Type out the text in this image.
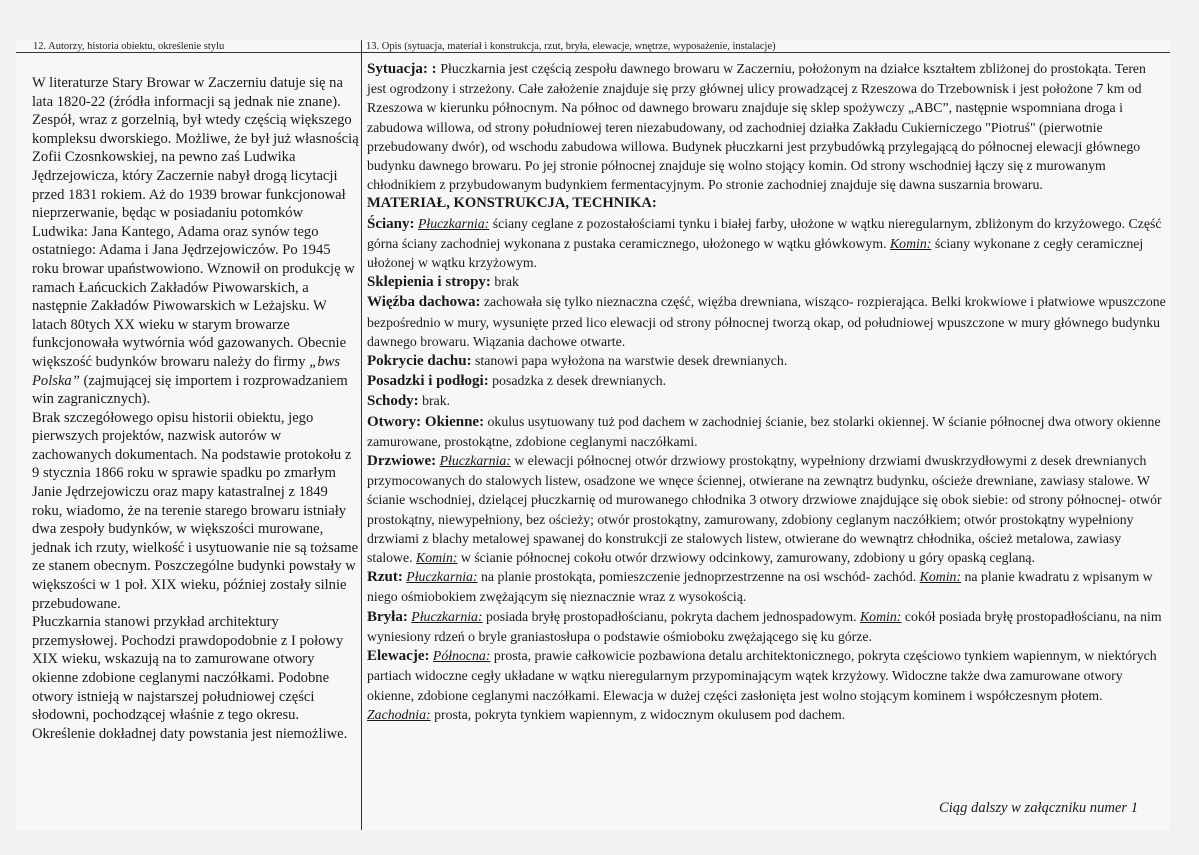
12. Autorzy, historia obiektu, określenie stylu	13. Opis (sytuacja, materiał i konstrukcja, rzut, bryła, elewacje, wnętrze, wyposażenie, instalacje)

W literaturze Stary Browar w Zaczerniu datuje się na lata 1820-22 (źródła informacji są jednak nie znane). Zespół, wraz z gorzelnią, był wtedy częścią większego kompleksu dworskiego. Możliwe, że był już własnością Zofii Czosnkowskiej, na pewno zaś Ludwika Jędrzejowicza, który Zaczernie nabył drogą licytacji przed 1831 rokiem. Aż do 1939 browar funkcjonował nieprzerwanie, będąc w posiadaniu potomków Ludwika: Jana Kantego, Adama oraz synów tego ostatniego: Adama i Jana Jędrzejowiczów. Po 1945 roku browar upaństwowiono. Wznowił on produkcję w ramach Łańcuckich Zakładów Piwowarskich, a następnie Zakładów Piwowarskich w Leżajsku. W latach 80tych XX wieku w starym browarze funkcjonowała wytwórnia wód gazowanych. Obecnie większość budynków browaru należy do firmy „bws Polska” (zajmującej się importem i rozprowadzaniem win zagranicznych).

Brak szczegółowego opisu historii obiektu, jego pierwszych projektów, nazwisk autorów w zachowanych dokumentach. Na podstawie protokołu z 9 stycznia 1866 roku w sprawie spadku po zmarłym Janie Jędrzejowiczu oraz mapy katastralnej z 1849 roku, wiadomo, że na terenie starego browaru istniały dwa zespoły budynków, w większości murowane, jednak ich rzuty, wielkość i usytuowanie nie są tożsame ze stanem obecnym. Poszczególne budynki powstały w większości w 1 poł. XIX wieku, później zostały silnie przebudowane.

Płuczkarnia stanowi przykład architektury przemysłowej. Pochodzi prawdopodobnie z I połowy XIX wieku, wskazują na to zamurowane otwory okienne zdobione ceglanymi naczółkami. Podobne otwory istnieją w najstarszej południowej części słodowni, pochodzącej właśnie z tego okresu. Określenie dokładnej daty powstania jest niemożliwe.

Sytuacja: : Płuczkarnia jest częścią zespołu dawnego browaru w Zaczerniu, położonym na działce kształtem zbliżonej do prostokąta. Teren jest ogrodzony i strzeżony. Całe założenie znajduje się przy głównej ulicy prowadzącej z Rzeszowa do Trzebownisk i jest położone 7 km od Rzeszowa w kierunku północnym. Na północ od dawnego browaru znajduje się sklep spożywczy „ABC”, następnie wspomniana droga i zabudowa willowa, od strony południowej teren niezabudowany, od zachodniej działka Zakładu Cukierniczego "Piotruś" (pierwotnie przebudowany dwór), od wschodu zabudowa willowa. Budynek płuczkarni jest przybudówką przylegającą do północnej elewacji głównego budynku dawnego browaru. Po jej stronie północnej znajduje się wolno stojący komin. Od strony wschodniej łączy się z murowanym chłodnikiem z przybudowanym budynkiem fermentacyjnym. Po stronie zachodniej znajduje się dawna suszarnia browaru.

MATERIAŁ, KONSTRUKCJA, TECHNIKA:

Ściany: Płuczkarnia: ściany ceglane z pozostałościami tynku i białej farby, ułożone w wątku nieregularnym, zbliżonym do krzyżowego. Część górna ściany zachodniej wykonana z pustaka ceramicznego, ułożonego w wątku główkowym. Komin: ściany wykonane z cegły ceramicznej ułożonej w wątku krzyżowym.

Sklepienia i stropy: brak

Więźba dachowa: zachowała się tylko nieznaczna część, więźba drewniana, wisząco- rozpierająca. Belki krokwiowe i płatwiowe wpuszczone bezpośrednio w mury, wysunięte przed lico elewacji od strony północnej tworzą okap, od południowej wpuszczone w mury głównego budynku dawnego browaru. Wiązania dachowe otwarte.

Pokrycie dachu: stanowi papa wyłożona na warstwie desek drewnianych.

Posadzki i podłogi: posadzka z desek drewnianych.

Schody: brak.

Otwory: Okienne: okulus usytuowany tuż pod dachem w zachodniej ścianie, bez stolarki okiennej. W ścianie północnej dwa otwory okienne zamurowane, prostokątne, zdobione ceglanymi naczółkami.

Drzwiowe: Płuczkarnia: w elewacji północnej otwór drzwiowy prostokątny, wypełniony drzwiami dwuskrzydłowymi z desek drewnianych przymocowanych do stalowych listew, osadzone we wnęce ściennej, otwierane na zewnątrz budynku, ościeże drewniane, zawiasy stalowe. W ścianie wschodniej, dzielącej płuczkarnię od murowanego chłodnika 3 otwory drzwiowe znajdujące się obok siebie: od strony północnej- otwór prostokątny, niewypełniony, bez ościeży; otwór prostokątny, zamurowany, zdobiony ceglanym naczółkiem; otwór prostokątny wypełniony drzwiami z blachy metalowej spawanej do konstrukcji ze stalowych listew, otwierane do wewnątrz chłodnika, oścież metalowa, zawiasy stalowe. Komin: w ścianie północnej cokołu otwór drzwiowy odcinkowy, zamurowany, zdobiony u góry opaską ceglaną.

Rzut: Płuczkarnia: na planie prostokąta, pomieszczenie jednoprzestrzenne na osi wschód- zachód. Komin: na planie kwadratu z wpisanym w niego ośmiobokiem zwężającym się nieznacznie wraz z wysokością.

Bryła: Płuczkarnia: posiada bryłę prostopadłościanu, pokryta dachem jednospadowym. Komin: cokół posiada bryłę prostopadłościanu, na nim wyniesiony rdzeń o bryle graniastosłupa o podstawie ośmioboku zwężającego się ku górze.

Elewacje: Północna: prosta, prawie całkowicie pozbawiona detalu architektonicznego, pokryta częściowo tynkiem wapiennym, w niektórych partiach widoczne cegły układane w wątku nieregularnym przypominającym wątek krzyżowy. Widoczne także dwa zamurowane otwory okienne, zdobione ceglanymi naczółkami. Elewacja w dużej części zasłonięta jest wolno stojącym kominem i współczesnym płotem.

Zachodnia: prosta, pokryta tynkiem wapiennym, z widocznym okulusem pod dachem.

Ciąg dalszy w załączniku numer 1
